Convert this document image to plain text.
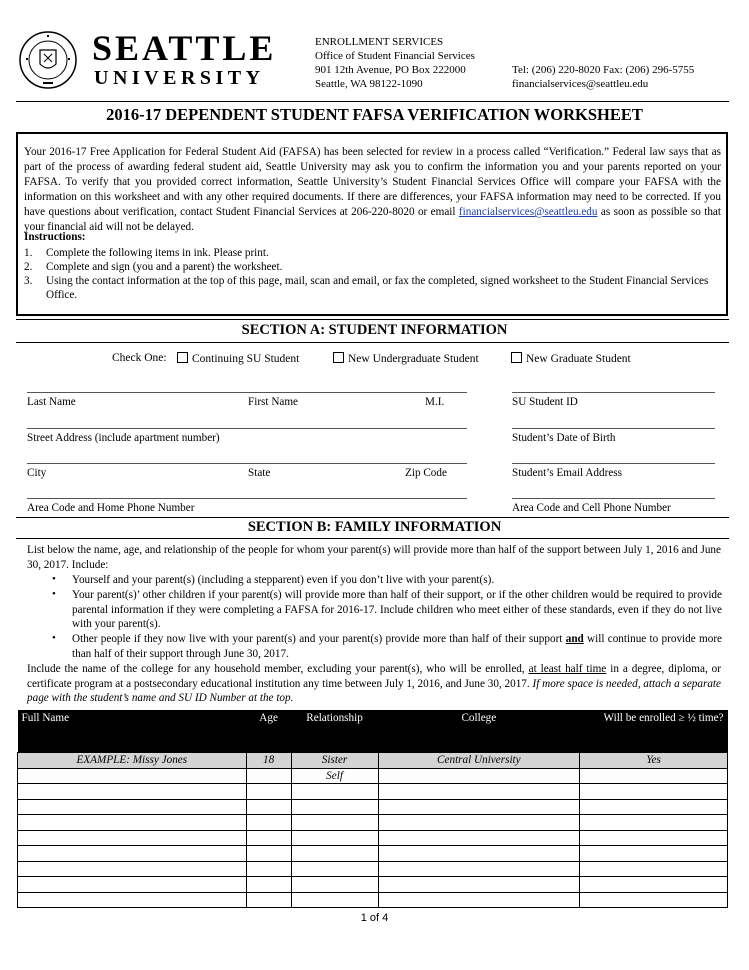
SEATTLE
UNIVERSITY
ENROLLMENT SERVICES
Office of Student Financial Services
901 12th Avenue, PO Box 222000
Seattle, WA 98122-1090
Tel: (206) 220-8020 Fax: (206) 296-5755
financialservices@seattleu.edu
2016-17 DEPENDENT STUDENT FAFSA VERIFICATION WORKSHEET
Your 2016-17 Free Application for Federal Student Aid (FAFSA) has been selected for review in a process called “Verification.” Federal law says that as part of the process of awarding federal student aid, Seattle University may ask you to confirm the information you and your parents reported on your FAFSA. To verify that you provided correct information, Seattle University’s Student Financial Services Office will compare your FAFSA with the information on this worksheet and with any other required documents. If there are differences, your FAFSA information may need to be corrected. If you have questions about verification, contact Student Financial Services at 206-220-8020 or email financialservices@seattleu.edu as soon as possible so that your financial aid will not be delayed.
Instructions:
1.	Complete the following items in ink. Please print.
2.	Complete and sign (you and a parent) the worksheet.
3.	Using the contact information at the top of this page, mail, scan and email, or fax the completed, signed worksheet to the Student Financial Services Office.
SECTION A: STUDENT INFORMATION
Check One:	Continuing SU Student	New Undergraduate Student	New Graduate Student
Last Name	First Name	M.I.	SU Student ID
Street Address (include apartment number)	Student’s Date of Birth
City	State	Zip Code	Student’s Email Address
Area Code and Home Phone Number	Area Code and Cell Phone Number
SECTION B: FAMILY INFORMATION
List below the name, age, and relationship of the people for whom your parent(s) will provide more than half of the support between July 1, 2016 and June 30, 2017. Include:
• Yourself and your parent(s) (including a stepparent) even if you don’t live with your parent(s).
• Your parent(s)’ other children if your parent(s) will provide more than half of their support, or if the other children would be required to provide parental information if they were completing a FAFSA for 2016-17. Include children who meet either of these standards, even if they do not live with your parent(s).
• Other people if they now live with your parent(s) and your parent(s) provide more than half of their support and will continue to provide more than half of their support through June 30, 2017.
Include the name of the college for any household member, excluding your parent(s), who will be enrolled, at least half time in a degree, diploma, or certificate program at a postsecondary educational institution any time between July 1, 2016, and June 30, 2017. If more space is needed, attach a separate page with the student’s name and SU ID Number at the top.
Full Name	Age	Relationship	College	Will be enrolled ≥ ½ time?
EXAMPLE: Missy Jones	18	Sister	Central University	Yes
		Self		

1 of 4
